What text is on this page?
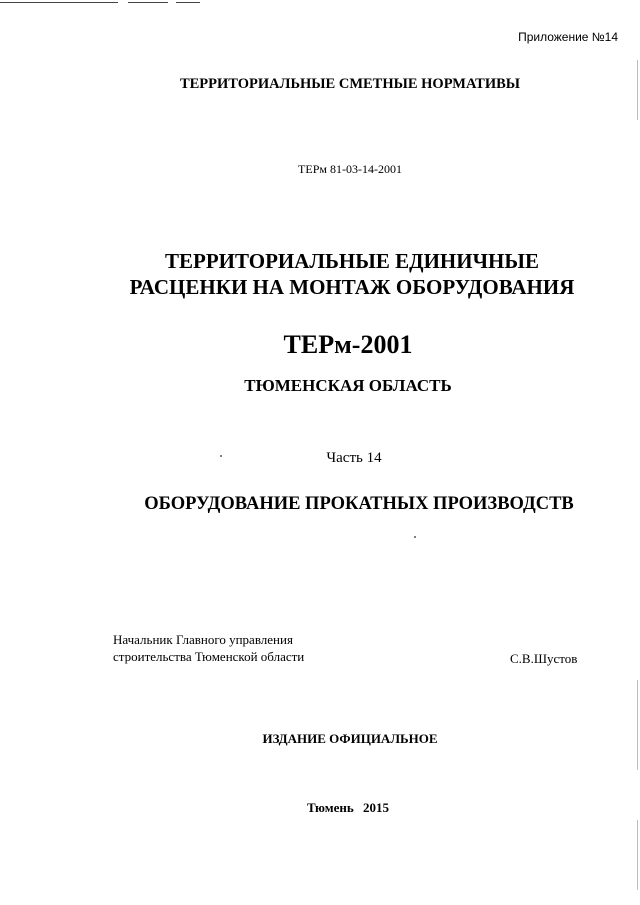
Приложение №14
ТЕРРИТОРИАЛЬНЫЕ СМЕТНЫЕ НОРМАТИВЫ
ТЕРм 81-03-14-2001
ТЕРРИТОРИАЛЬНЫЕ ЕДИНИЧНЫЕ
РАСЦЕНКИ НА МОНТАЖ ОБОРУДОВАНИЯ
ТЕРм-2001
ТЮМЕНСКАЯ ОБЛАСТЬ
Часть 14
ОБОРУДОВАНИЕ ПРОКАТНЫХ ПРОИЗВОДСТВ
Начальник Главного управления
строительства Тюменской области	С.В.Шустов
ИЗДАНИЕ ОФИЦИАЛЬНОЕ
Тюмень 2015
